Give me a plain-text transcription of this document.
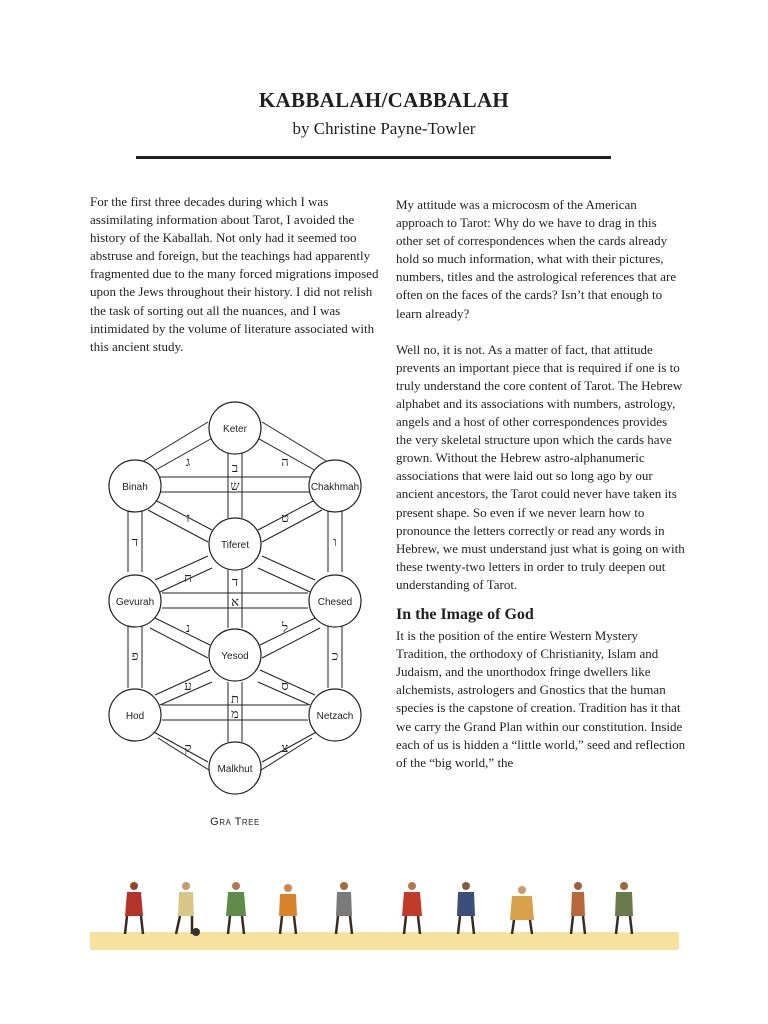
KABBALAH/CABBALAH
by Christine Payne-Towler

For the first three decades during which I was assimilating information about Tarot, I avoided the history of the Kaballah. Not only had it seemed too abstruse and foreign, but the teachings had apparently fragmented due to the many forced migrations imposed upon the Jews throughout their history. I did not relish the task of sorting out all the nuances, and I was intimidated by the volume of literature associated with this ancient study.

Keter
Binah	Chakhmah
Tiferet
Gevurah	Chesed
Yesod
Hod	Netzach
Malkhut
ג	ב	ה
ש
ד	ו
ז	ט
ד
א
ח
נ	ל
פ	כ
ע	ס
ת
מ
ק	צ
Gra Tree

My attitude was a microcosm of the American approach to Tarot: Why do we have to drag in this other set of correspondences when the cards already hold so much information, what with their pictures, numbers, titles and the astrological references that are often on the faces of the cards? Isn’t that enough to learn already?

Well no, it is not. As a matter of fact, that attitude prevents an important piece that is required if one is to truly understand the core content of Tarot. The Hebrew alphabet and its associations with numbers, astrology, angels and a host of other correspondences provides the very skeletal structure upon which the cards have grown. Without the Hebrew astro-alphanumeric associations that were laid out so long ago by our ancient ancestors, the Tarot could never have taken its present shape. So even if we never learn how to pronounce the letters correctly or read any words in Hebrew, we must understand just what is going on with these twenty-two letters in order to truly deepen out understanding of Tarot.

In the Image of God

It is the position of the entire Western Mystery Tradition, the orthodoxy of Christianity, Islam and Judaism, and the unorthodox fringe dwellers like alchemists, astrologers and Gnostics that the human species is the capstone of creation. Tradition has it that we carry the Grand Plan within our constitution. Inside each of us is hidden a “little world,” seed and reflection of the “big world,” the
